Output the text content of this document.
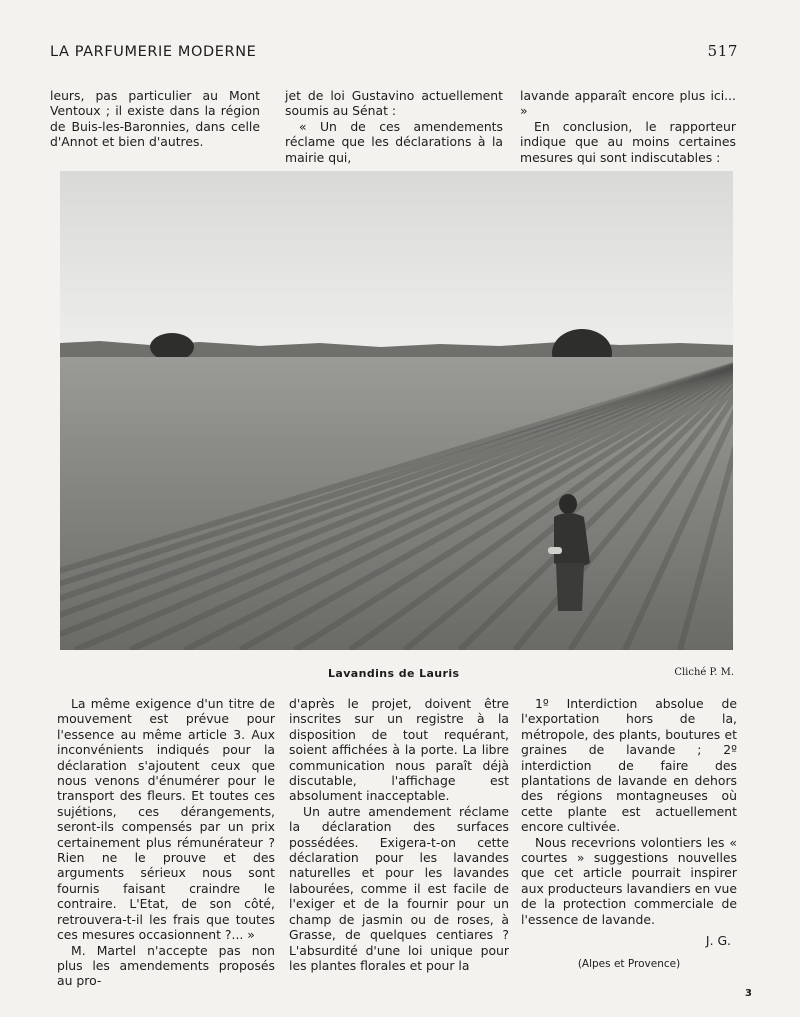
LA PARFUMERIE MODERNE	517

leurs, pas particulier au Mont Ventoux ; il existe dans la région de Buis-les-Baronnies, dans celle d'Annot et bien d'autres.

jet de loi Gustavino actuellement soumis au Sénat :

« Un de ces amendements réclame que les déclarations à la mairie qui,

lavande apparaît encore plus ici... »

En conclusion, le rapporteur indique que au moins certaines mesures qui sont indiscutables :

Lavandins de Lauris	Cliché P. M.

La même exigence d'un titre de mouvement est prévue pour l'essence au même article 3. Aux inconvénients indiqués pour la déclaration s'ajoutent ceux que nous venons d'énumérer pour le transport des fleurs. Et toutes ces sujétions, ces dérangements, seront-ils compensés par un prix certainement plus rémunérateur ? Rien ne le prouve et des arguments sérieux nous sont fournis faisant craindre le contraire. L'Etat, de son côté, retrouvera-t-il les frais que toutes ces mesures occasionnent ?... »

M. Martel n'accepte pas non plus les amendements proposés au pro-

d'après le projet, doivent être inscrites sur un registre à la disposition de tout requérant, soient affichées à la porte. La libre communication nous paraît déjà discutable, l'affichage est absolument inacceptable.

Un autre amendement réclame la déclaration des surfaces possédées. Exigera-t-on cette déclaration pour les lavandes naturelles et pour les lavandes labourées, comme il est facile de l'exiger et de la fournir pour un champ de jasmin ou de roses, à Grasse, de quelques centiares ? L'absurdité d'une loi unique pour les plantes florales et pour la

1º Interdiction absolue de l'exportation hors de la, métropole, des plants, boutures et graines de lavande ; 2º interdiction de faire des plantations de lavande en dehors des régions montagneuses où cette plante est actuellement encore cultivée.

Nous recevrions volontiers les « courtes » suggestions nouvelles que cet article pourrait inspirer aux producteurs lavandiers en vue de la protection commerciale de l'essence de lavande.

J. G.

(Alpes et Provence)

3
